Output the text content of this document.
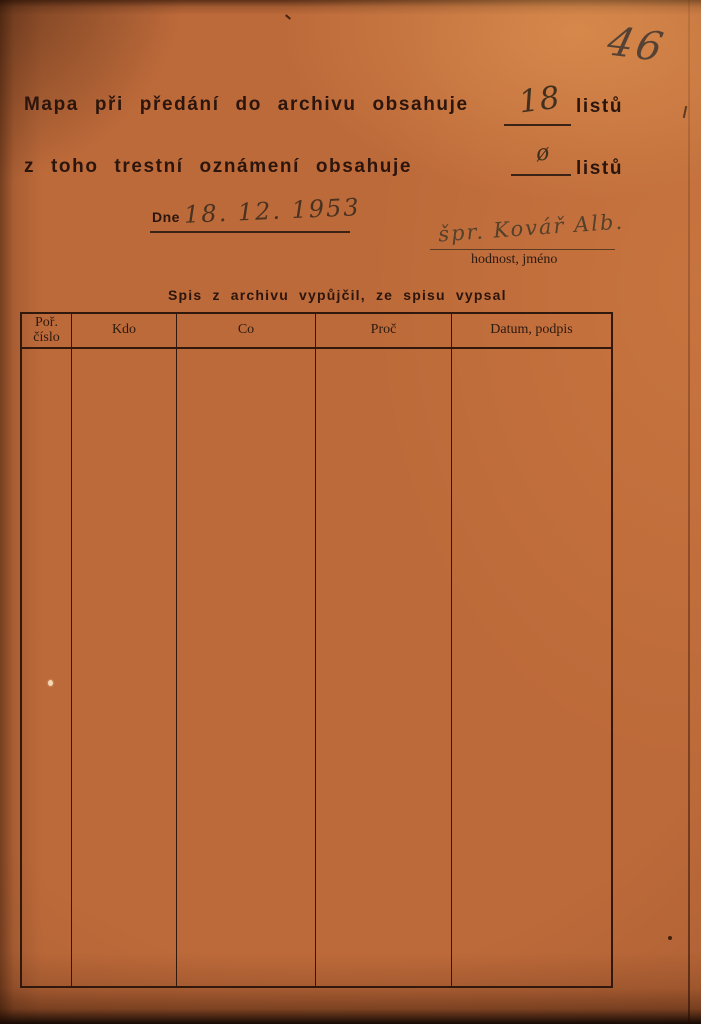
46
Mapa při předání do archivu obsahuje 18 listů
z toho trestní oznámení obsahuje	ø
listů
Dne 18. 12. 1953	špr. Kovář Alb.
hodnost, jméno
Spis z archivu vypůjčil, ze spisu vypsal
Poř. číslo	Kdo	Co	Proč	Datum, podpis
